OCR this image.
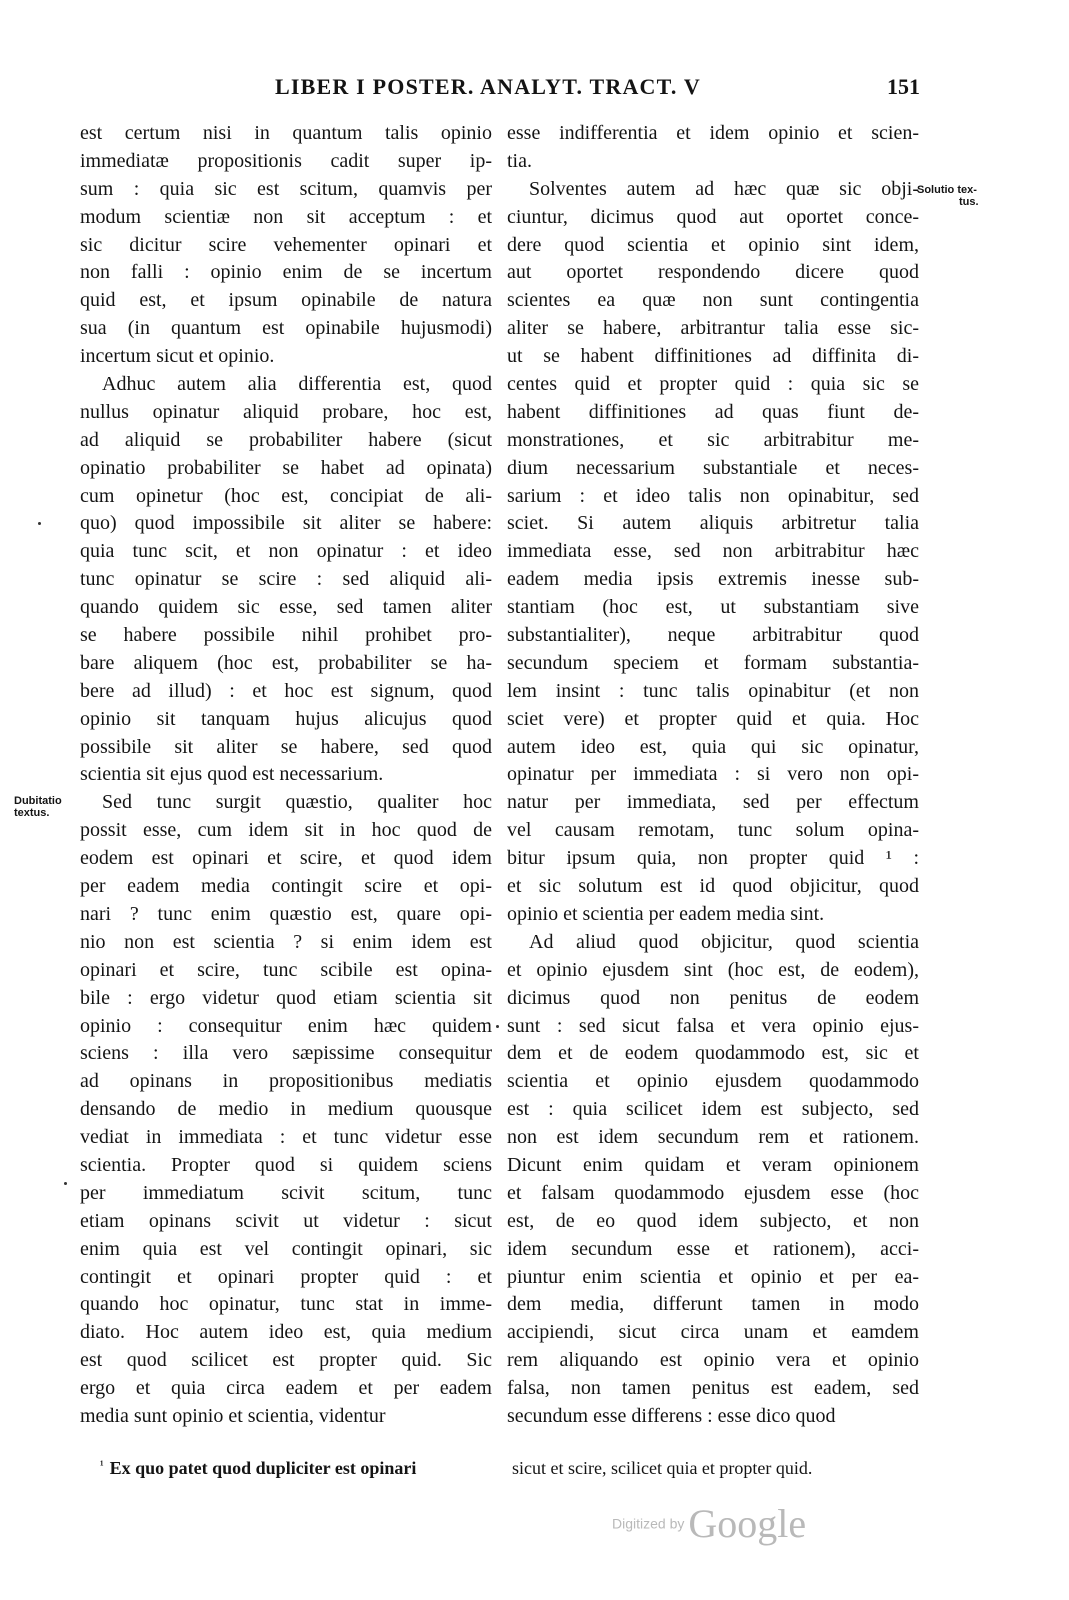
LIBER I POSTER. ANALYT. TRACT. V	151
Dubitatio textus.
Solutio tex-
tus.
est certum nisi in quantum talis opinio
immediatæ propositionis cadit super ip-
sum : quia sic est scitum, quamvis per
modum scientiæ non sit acceptum : et
sic dicitur scire vehementer opinari et
non falli : opinio enim de se incertum
quid est, et ipsum opinabile de natura
sua (in quantum est opinabile hujusmodi)
incertum sicut et opinio.
Adhuc autem alia differentia est, quod
nullus opinatur aliquid probare, hoc est,
ad aliquid se probabiliter habere (sicut
opinatio probabiliter se habet ad opinata)
cum opinetur (hoc est, concipiat de ali-
quo) quod impossibile sit aliter se habere:
quia tunc scit, et non opinatur : et ideo
tunc opinatur se scire : sed aliquid ali-
quando quidem sic esse, sed tamen aliter
se habere possibile nihil prohibet pro-
bare aliquem (hoc est, probabiliter se ha-
bere ad illud) : et hoc est signum, quod
opinio sit tanquam hujus alicujus quod
possibile sit aliter se habere, sed quod
scientia sit ejus quod est necessarium.
Sed tunc surgit quæstio, qualiter hoc
possit esse, cum idem sit in hoc quod de
eodem est opinari et scire, et quod idem
per eadem media contingit scire et opi-
nari ? tunc enim quæstio est, quare opi-
nio non est scientia ? si enim idem est
opinari et scire, tunc scibile est opina-
bile : ergo videtur quod etiam scientia sit
opinio : consequitur enim hæc quidem
sciens : illa vero sæpissime consequitur
ad opinans in propositionibus mediatis
densando de medio in medium quousque
vediat in immediata : et tunc videtur esse
scientia. Propter quod si quidem sciens
per immediatum scivit scitum, tunc
etiam opinans scivit ut videtur : sicut
enim quia est vel contingit opinari, sic
contingit et opinari propter quid : et
quando hoc opinatur, tunc stat in imme-
diato. Hoc autem ideo est, quia medium
est quod scilicet est propter quid. Sic
ergo et quia circa eadem et per eadem
media sunt opinio et scientia, videntur
esse indifferentia et idem opinio et scien-
tia.
Solventes autem ad hæc quæ sic obji-
ciuntur, dicimus quod aut oportet conce-
dere quod scientia et opinio sint idem,
aut oportet respondendo dicere quod
scientes ea quæ non sunt contingentia
aliter se habere, arbitrantur talia esse sic-
ut se habent diffinitiones ad diffinita di-
centes quid et propter quid : quia sic se
habent diffinitiones ad quas fiunt de-
monstrationes, et sic arbitrabitur me-
dium necessarium substantiale et neces-
sarium : et ideo talis non opinabitur, sed
sciet. Si autem aliquis arbitretur talia
immediata esse, sed non arbitrabitur hæc
eadem media ipsis extremis inesse sub-
stantiam (hoc est, ut substantiam sive
substantialiter), neque arbitrabitur quod
secundum speciem et formam substantia-
lem insint : tunc talis opinabitur (et non
sciet vere) et propter quid et quia. Hoc
autem ideo est, quia qui sic opinatur,
opinatur per immediata : si vero non opi-
natur per immediata, sed per effectum
vel causam remotam, tunc solum opina-
bitur ipsum quia, non propter quid ¹ :
et sic solutum est id quod objicitur, quod
opinio et scientia per eadem media sint.
Ad aliud quod objicitur, quod scientia
et opinio ejusdem sint (hoc est, de eodem),
dicimus quod non penitus de eodem
sunt : sed sicut falsa et vera opinio ejus-
dem et de eodem quodammodo est, sic et
scientia et opinio ejusdem quodammodo
est : quia scilicet idem est subjecto, sed
non est idem secundum rem et rationem.
Dicunt enim quidam et veram opinionem
et falsam quodammodo ejusdem esse (hoc
est, de eo quod idem subjecto, et non
idem secundum esse et rationem), acci-
piuntur enim scientia et opinio et per ea-
dem media, differunt tamen in modo
accipiendi, sicut circa unam et eamdem
rem aliquando est opinio vera et opinio
falsa, non tamen penitus est eadem, sed
secundum esse differens : esse dico quod
$^{^1}$ Ex quo patet quod dupliciter est opinari	sicut et scire, scilicet quia et propter quid.
Digitized by Google
